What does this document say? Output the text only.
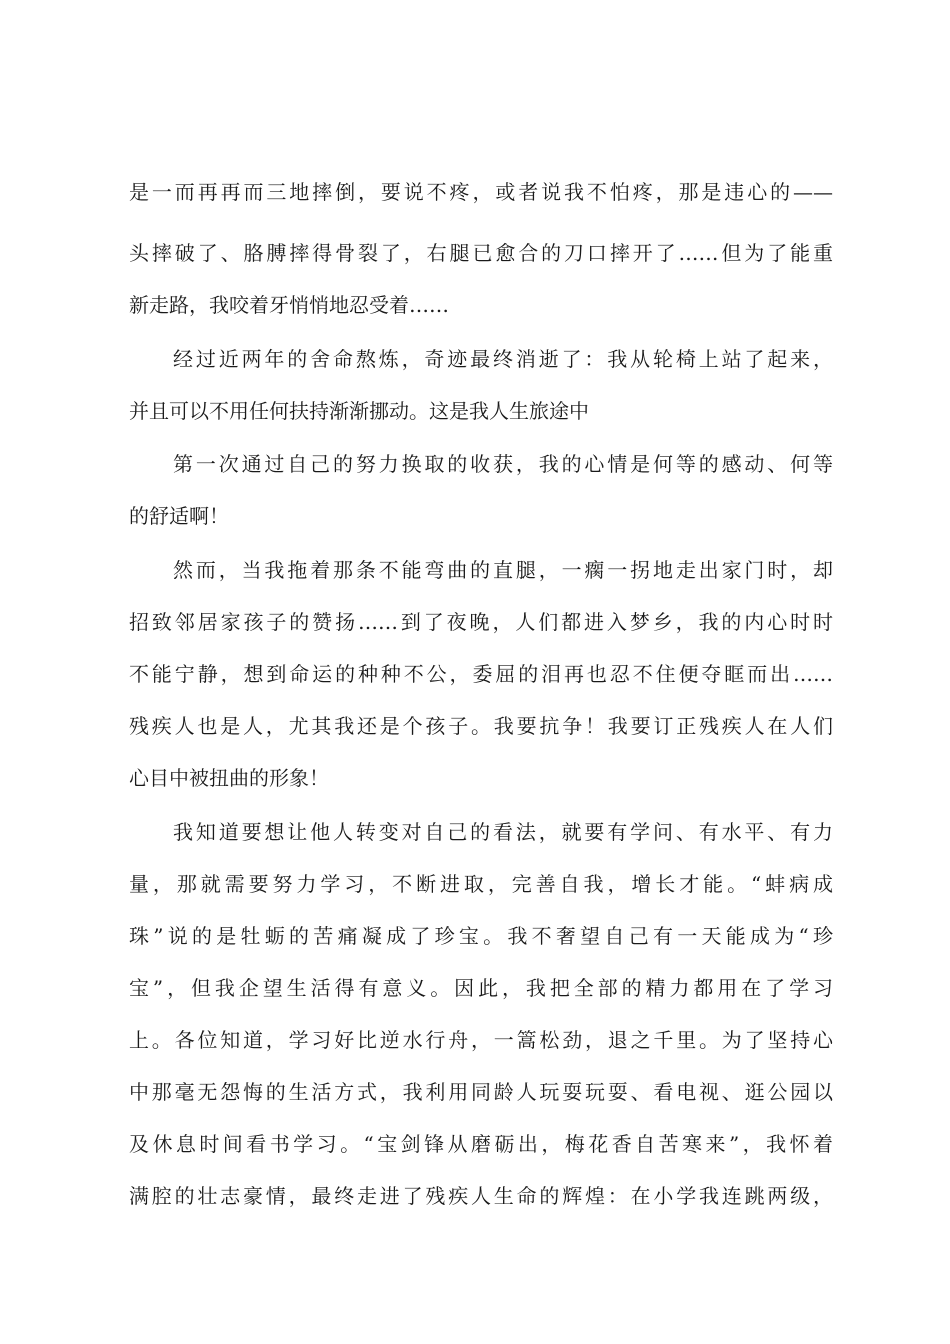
是一而再再而三地摔倒，要说不疼，或者说我不怕疼，那是违心的——
头摔破了、胳膊摔得骨裂了，右腿已愈合的刀口摔开了……但为了能重
新走路，我咬着牙悄悄地忍受着……
经过近两年的舍命熬炼，奇迹最终消逝了：我从轮椅上站了起来，
并且可以不用任何扶持渐渐挪动。这是我人生旅途中
第一次通过自己的努力换取的收获，我的心情是何等的感动、何等
的舒适啊！
然而，当我拖着那条不能弯曲的直腿，一瘸一拐地走出家门时，却
招致邻居家孩子的赞扬……到了夜晚，人们都进入梦乡，我的内心时时
不能宁静，想到命运的种种不公，委屈的泪再也忍不住便夺眶而出……
残疾人也是人，尤其我还是个孩子。我要抗争！我要订正残疾人在人们
心目中被扭曲的形象！
我知道要想让他人转变对自己的看法，就要有学问、有水平、有力
量，那就需要努力学习，不断进取，完善自我，增长才能。“蚌病成
珠”说的是牡蛎的苦痛凝成了珍宝。我不奢望自己有一天能成为“珍
宝”，但我企望生活得有意义。因此，我把全部的精力都用在了学习
上。各位知道，学习好比逆水行舟，一篙松劲，退之千里。为了坚持心
中那毫无怨悔的生活方式，我利用同龄人玩耍玩耍、看电视、逛公园以
及休息时间看书学习。“宝剑锋从磨砺出，梅花香自苦寒来”，我怀着
满腔的壮志豪情，最终走进了残疾人生命的辉煌：在小学我连跳两级，
